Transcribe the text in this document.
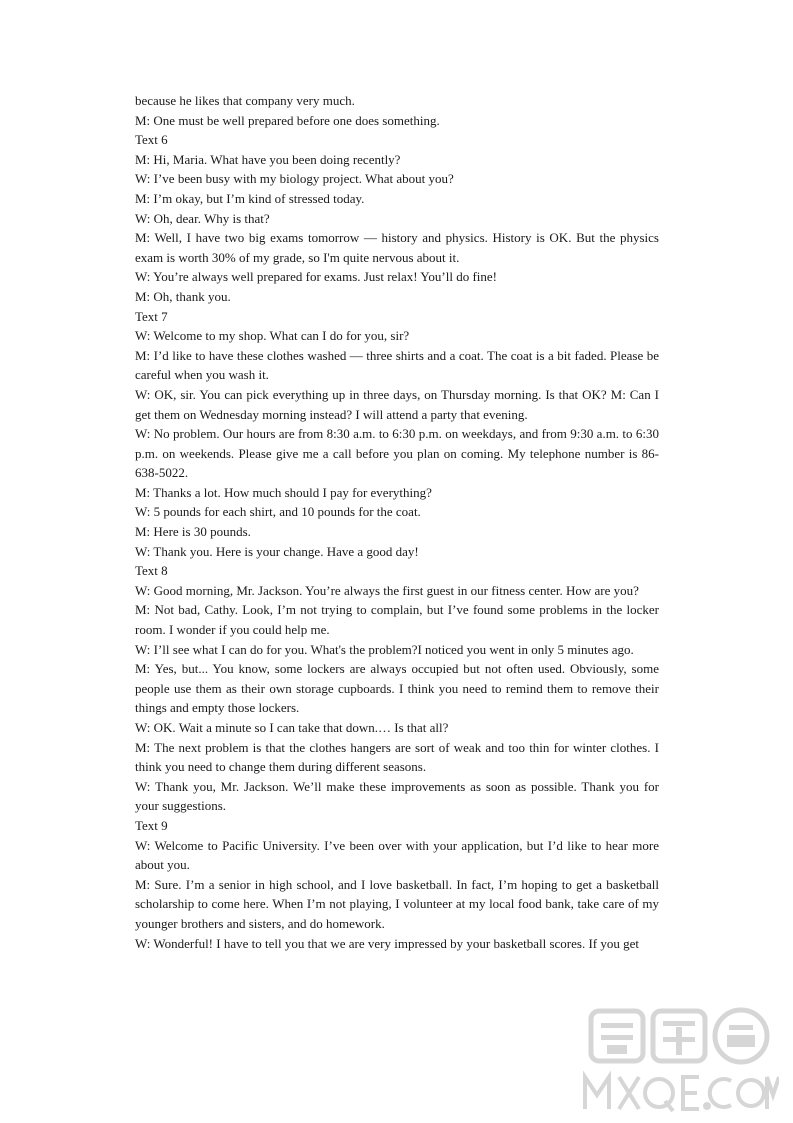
because he likes that company very much.

M: One must be well prepared before one does something.

Text 6

M: Hi, Maria. What have you been doing recently?

W: I’ve been busy with my biology project. What about you?

M: I’m okay, but I’m kind of stressed today.

W: Oh, dear. Why is that?

M: Well, I have two big exams tomorrow — history and physics. History is OK. But the physics exam is worth 30% of my grade, so I'm quite nervous about it.

W: You’re always well prepared for exams. Just relax! You’ll do fine!

M: Oh, thank you.

Text 7

W: Welcome to my shop. What can I do for you, sir?

M: I’d like to have these clothes washed — three shirts and a coat. The coat is a bit faded. Please be careful when you wash it.

W: OK, sir. You can pick everything up in three days, on Thursday morning. Is that OK? M: Can I get them on Wednesday morning instead? I will attend a party that evening.

W: No problem. Our hours are from 8:30 a.m. to 6:30 p.m. on weekdays, and from 9:30 a.m. to 6:30 p.m. on weekends. Please give me a call before you plan on coming. My telephone number is 86-638-5022.

M: Thanks a lot. How much should I pay for everything?

W: 5 pounds for each shirt, and 10 pounds for the coat.

M: Here is 30 pounds.

W: Thank you. Here is your change. Have a good day!

Text 8

W: Good morning, Mr. Jackson. You’re always the first guest in our fitness center. How are you?

M: Not bad, Cathy. Look, I’m not trying to complain, but I’ve found some problems in the locker room. I wonder if you could help me.

W: I’ll see what I can do for you. What's the problem?I noticed you went in only 5 minutes ago.

M: Yes, but... You know, some lockers are always occupied but not often used. Obviously, some people use them as their own storage cupboards. I think you need to remind them to remove their things and empty those lockers.

W: OK. Wait a minute so I can take that down.… Is that all?

M: The next problem is that the clothes hangers are sort of weak and too thin for winter clothes. I think you need to change them during different seasons.

W: Thank you, Mr. Jackson. We’ll make these improvements as soon as possible. Thank you for your suggestions.

Text 9

W: Welcome to Pacific University. I’ve been over with your application, but I’d like to hear more about you.

M: Sure. I’m a senior in high school, and I love basketball. In fact, I’m hoping to get a basketball scholarship to come here. When I’m not playing, I volunteer at my local food bank, take care of my younger brothers and sisters, and do homework.

W: Wonderful! I have to tell you that we are very impressed by your basketball scores. If you get
